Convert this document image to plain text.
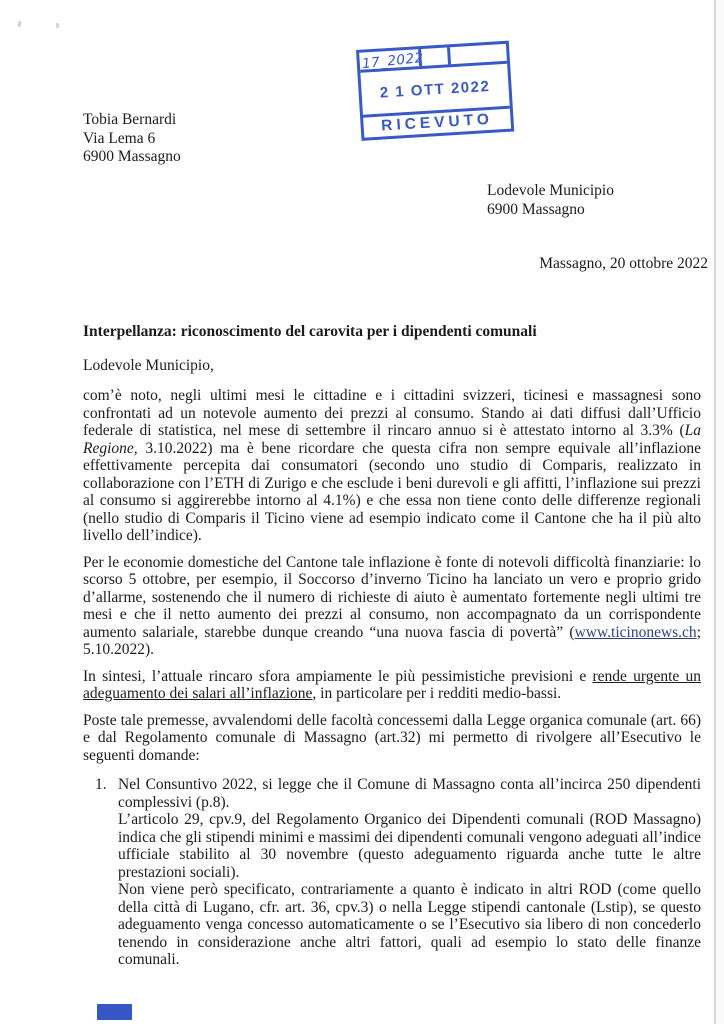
2 1 OTT 2022
RICEVUTO
17_2022
Tobia Bernardi
Via Lema 6
6900 Massagno
Lodevole Municipio
6900 Massagno
Massagno, 20 ottobre 2022
Interpellanza: riconoscimento del carovita per i dipendenti comunali
Lodevole Municipio,

com’è noto, negli ultimi mesi le cittadine e i cittadini svizzeri, ticinesi e massagnesi sono confrontati ad un notevole aumento dei prezzi al consumo. Stando ai dati diffusi dall’Ufficio federale di statistica, nel mese di settembre il rincaro annuo si è attestato intorno al 3.3% (La Regione, 3.10.2022) ma è bene ricordare che questa cifra non sempre equivale all’inflazione effettivamente percepita dai consumatori (secondo uno studio di Comparis, realizzato in collaborazione con l’ETH di Zurigo e che esclude i beni durevoli e gli affitti, l’inflazione sui prezzi al consumo si aggirerebbe intorno al 4.1%) e che essa non tiene conto delle differenze regionali (nello studio di Comparis il Ticino viene ad esempio indicato come il Cantone che ha il più alto livello dell’indice).

Per le economie domestiche del Cantone tale inflazione è fonte di notevoli difficoltà finanziarie: lo scorso 5 ottobre, per esempio, il Soccorso d’inverno Ticino ha lanciato un vero e proprio grido d’allarme, sostenendo che il numero di richieste di aiuto è aumentato fortemente negli ultimi tre mesi e che il netto aumento dei prezzi al consumo, non accompagnato da un corrispondente aumento salariale, starebbe dunque creando “una nuova fascia di povertà” (www.ticinonews.ch; 5.10.2022).

In sintesi, l’attuale rincaro sfora ampiamente le più pessimistiche previsioni e rende urgente un adeguamento dei salari all’inflazione, in particolare per i redditi medio-bassi.

Poste tale premesse, avvalendomi delle facoltà concessemi dalla Legge organica comunale (art. 66) e dal Regolamento comunale di Massagno (art.32) mi permetto di rivolgere all’Esecutivo le seguenti domande:

1. Nel Consuntivo 2022, si legge che il Comune di Massagno conta all’incirca 250 dipendenti complessivi (p.8).
L’articolo 29, cpv.9, del Regolamento Organico dei Dipendenti comunali (ROD Massagno) indica che gli stipendi minimi e massimi dei dipendenti comunali vengono adeguati all’indice ufficiale stabilito al 30 novembre (questo adeguamento riguarda anche tutte le altre prestazioni sociali).
Non viene però specificato, contrariamente a quanto è indicato in altri ROD (come quello della città di Lugano, cfr. art. 36, cpv.3) o nella Legge stipendi cantonale (Lstip), se questo adeguamento venga concesso automaticamente o se l’Esecutivo sia libero di non concederlo tenendo in considerazione anche altri fattori, quali ad esempio lo stato delle finanze comunali.
